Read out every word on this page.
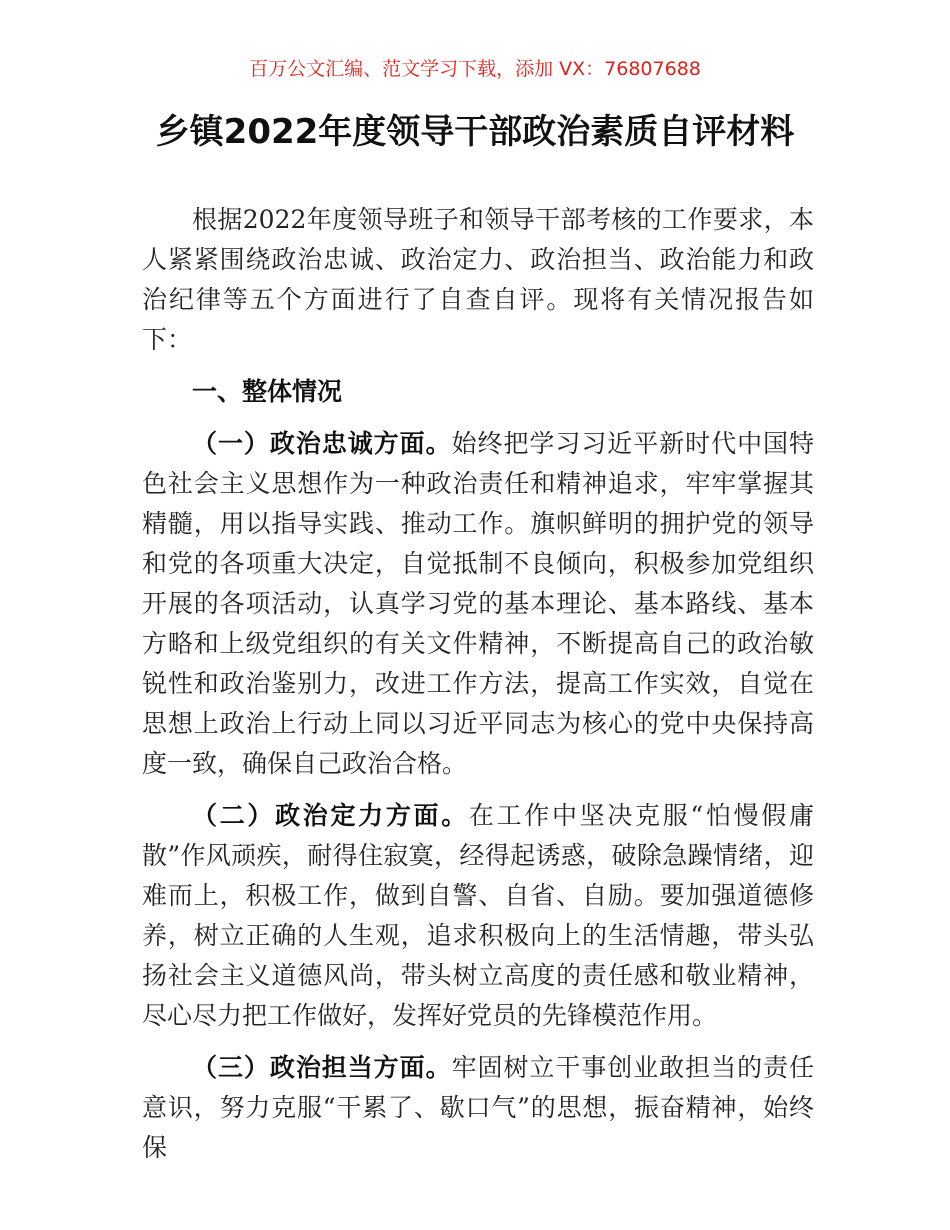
百万公文汇编、范文学习下载，添加 VX：76807688
乡镇2022年度领导干部政治素质自评材料

根据2022年度领导班子和领导干部考核的工作要求，本人紧紧围绕政治忠诚、政治定力、政治担当、政治能力和政治纪律等五个方面进行了自查自评。现将有关情况报告如下：

一、整体情况

（一）政治忠诚方面。始终把学习习近平新时代中国特色社会主义思想作为一种政治责任和精神追求，牢牢掌握其精髓，用以指导实践、推动工作。旗帜鲜明的拥护党的领导和党的各项重大决定，自觉抵制不良倾向，积极参加党组织开展的各项活动，认真学习党的基本理论、基本路线、基本方略和上级党组织的有关文件精神，不断提高自己的政治敏锐性和政治鉴别力，改进工作方法，提高工作实效，自觉在思想上政治上行动上同以习近平同志为核心的党中央保持高度一致，确保自己政治合格。

（二）政治定力方面。在工作中坚决克服“怕慢假庸散”作风顽疾，耐得住寂寞，经得起诱惑，破除急躁情绪，迎难而上，积极工作，做到自警、自省、自励。要加强道德修养，树立正确的人生观，追求积极向上的生活情趣，带头弘扬社会主义道德风尚，带头树立高度的责任感和敬业精神，尽心尽力把工作做好，发挥好党员的先锋模范作用。

（三）政治担当方面。牢固树立干事创业敢担当的责任意识，努力克服“干累了、歇口气”的思想，振奋精神，始终保
